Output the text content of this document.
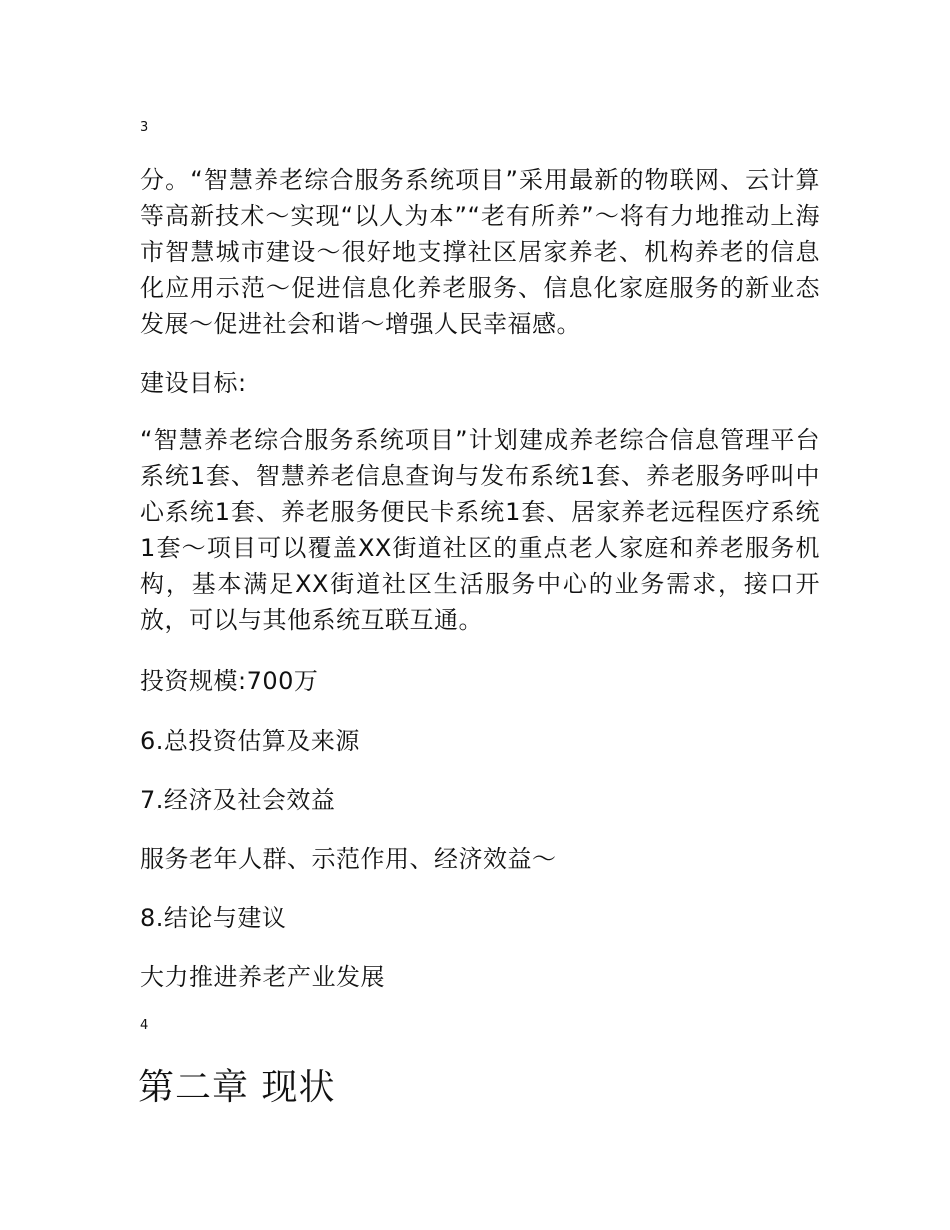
3

分。“智慧养老综合服务系统项目”采用最新的物联网、云计算等高新技术～实现“以人为本”“老有所养”～将有力地推动上海市智慧城市建设～很好地支撑社区居家养老、机构养老的信息化应用示范～促进信息化养老服务、信息化家庭服务的新业态发展～促进社会和谐～增强人民幸福感。

建设目标:

“智慧养老综合服务系统项目”计划建成养老综合信息管理平台系统1套、智慧养老信息查询与发布系统1套、养老服务呼叫中心系统1套、养老服务便民卡系统1套、居家养老远程医疗系统1套～项目可以覆盖XX街道社区的重点老人家庭和养老服务机构，基本满足XX街道社区生活服务中心的业务需求，接口开放，可以与其他系统互联互通。

投资规模:700万

6.总投资估算及来源

7.经济及社会效益

服务老年人群、示范作用、经济效益～

8.结论与建议

大力推进养老产业发展

4
第二章 现状
